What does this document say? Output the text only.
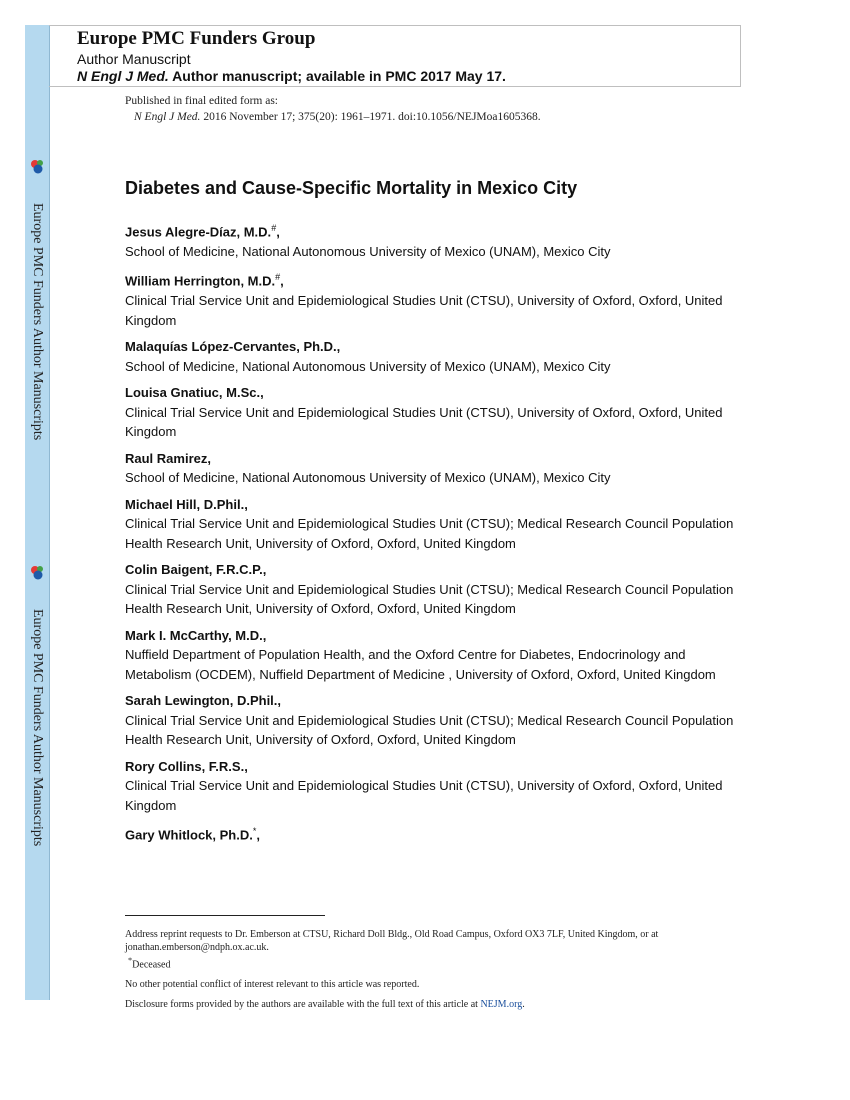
Europe PMC Funders Author Manuscripts
Europe PMC Funders Author Manuscripts
Europe PMC Funders Group
Author Manuscript
N Engl J Med. Author manuscript; available in PMC 2017 May 17.
Published in final edited form as:
N Engl J Med. 2016 November 17; 375(20): 1961–1971. doi:10.1056/NEJMoa1605368.
Diabetes and Cause-Specific Mortality in Mexico City
Jesus Alegre-Díaz, M.D.#,
School of Medicine, National Autonomous University of Mexico (UNAM), Mexico City
William Herrington, M.D.#,
Clinical Trial Service Unit and Epidemiological Studies Unit (CTSU), University of Oxford, Oxford, United Kingdom
Malaquías López-Cervantes, Ph.D.,
School of Medicine, National Autonomous University of Mexico (UNAM), Mexico City
Louisa Gnatiuc, M.Sc.,
Clinical Trial Service Unit and Epidemiological Studies Unit (CTSU), University of Oxford, Oxford, United Kingdom
Raul Ramirez,
School of Medicine, National Autonomous University of Mexico (UNAM), Mexico City
Michael Hill, D.Phil.,
Clinical Trial Service Unit and Epidemiological Studies Unit (CTSU); Medical Research Council Population Health Research Unit, University of Oxford, Oxford, United Kingdom
Colin Baigent, F.R.C.P.,
Clinical Trial Service Unit and Epidemiological Studies Unit (CTSU); Medical Research Council Population Health Research Unit, University of Oxford, Oxford, United Kingdom
Mark I. McCarthy, M.D.,
Nuffield Department of Population Health, and the Oxford Centre for Diabetes, Endocrinology and Metabolism (OCDEM), Nuffield Department of Medicine , University of Oxford, Oxford, United Kingdom
Sarah Lewington, D.Phil.,
Clinical Trial Service Unit and Epidemiological Studies Unit (CTSU); Medical Research Council Population Health Research Unit, University of Oxford, Oxford, United Kingdom
Rory Collins, F.R.S.,
Clinical Trial Service Unit and Epidemiological Studies Unit (CTSU), University of Oxford, Oxford, United Kingdom
Gary Whitlock, Ph.D.*,

Address reprint requests to Dr. Emberson at CTSU, Richard Doll Bldg., Old Road Campus, Oxford OX3 7LF, United Kingdom, or at jonathan.emberson@ndph.ox.ac.uk.

*Deceased

No other potential conflict of interest relevant to this article was reported.

Disclosure forms provided by the authors are available with the full text of this article at NEJM.org.
